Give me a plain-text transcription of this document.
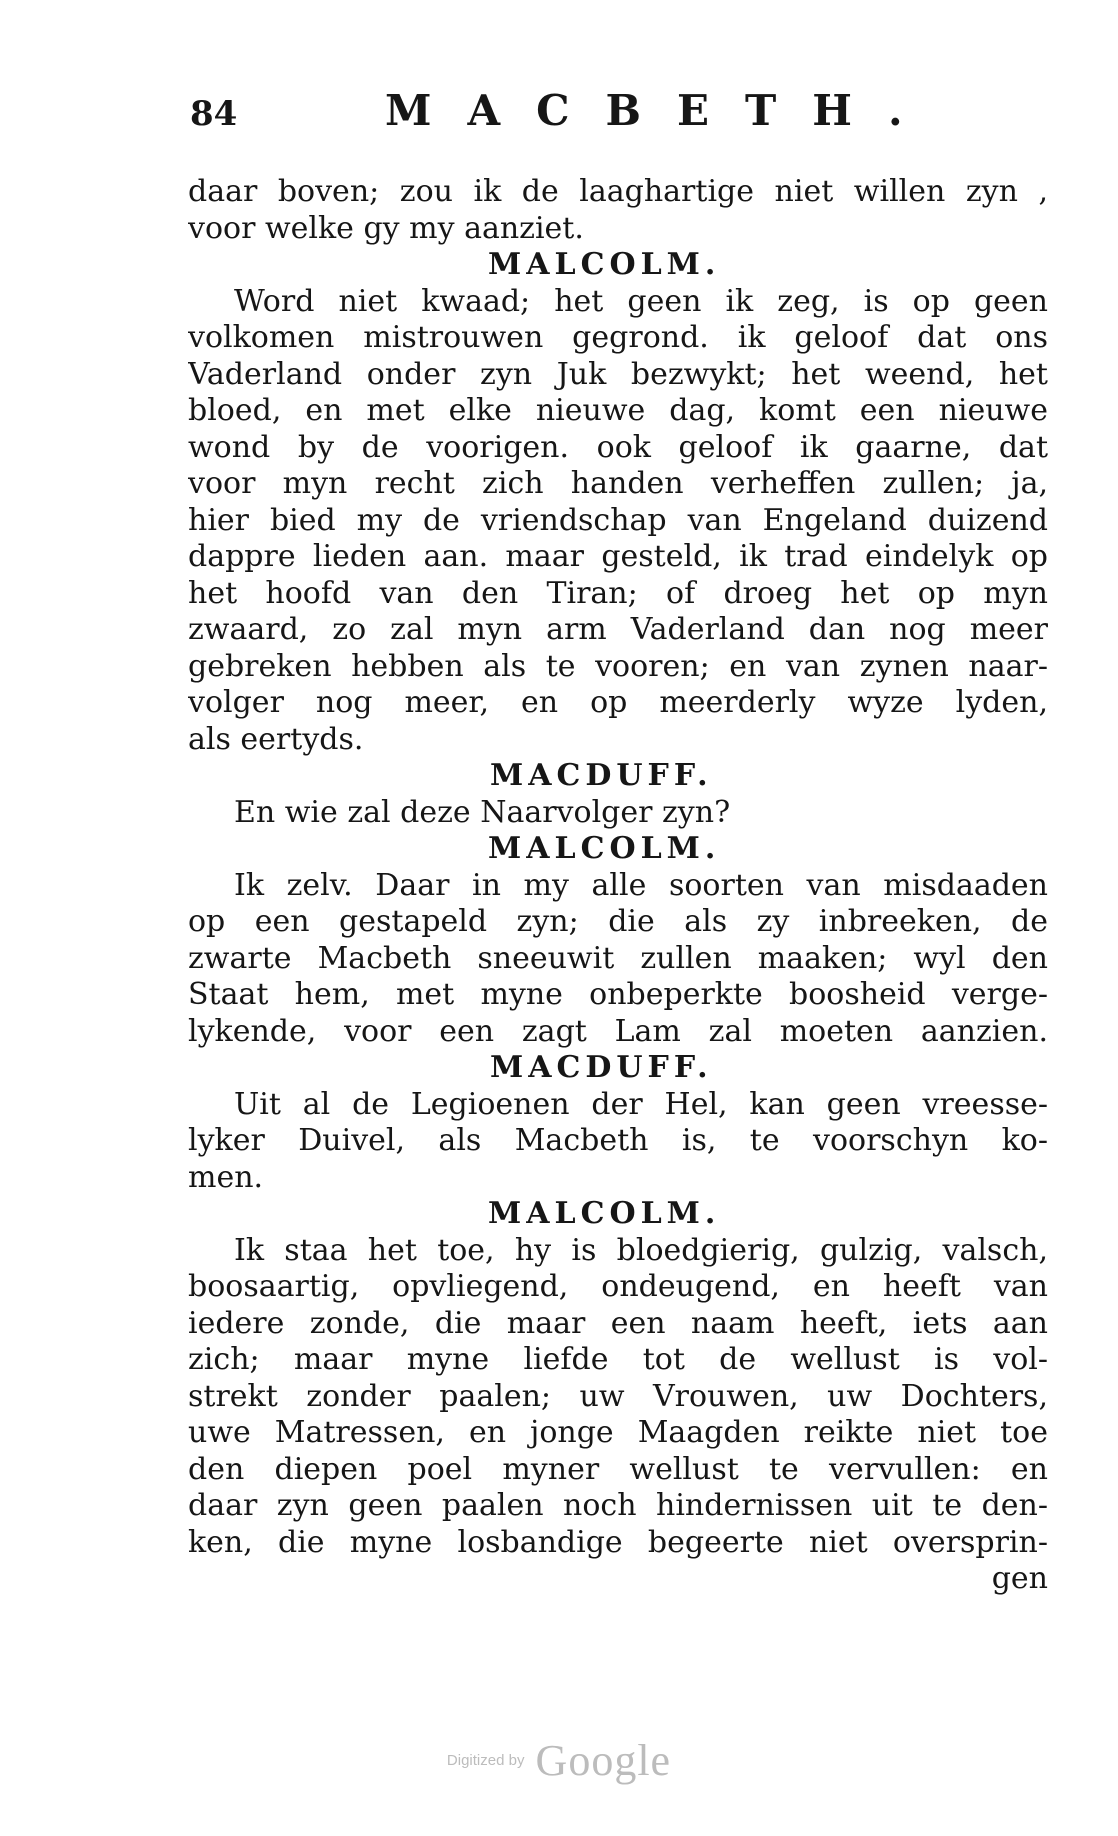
84	MACBETH.
daar boven; zou ik de laaghartige niet willen zyn ,
voor welke gy my aanziet.
MALCOLM.
Word niet kwaad; het geen ik zeg, is op geen
volkomen mistrouwen gegrond. ik geloof dat ons
Vaderland onder zyn Juk bezwykt; het weend, het
bloed, en met elke nieuwe dag, komt een nieuwe
wond by de voorigen. ook geloof ik gaarne, dat
voor myn recht zich handen verheffen zullen; ja,
hier bied my de vriendschap van Engeland duizend
dappre lieden aan. maar gesteld, ik trad eindelyk op
het hoofd van den Tiran; of droeg het op myn
zwaard, zo zal myn arm Vaderland dan nog meer
gebreken hebben als te vooren; en van zynen naar-
volger nog meer, en op meerderly wyze lyden,
als eertyds.
MACDUFF.
En wie zal deze Naarvolger zyn?
MALCOLM.
Ik zelv. Daar in my alle soorten van misdaaden
op een gestapeld zyn; die als zy inbreeken, de
zwarte Macbeth sneeuwit zullen maaken; wyl den
Staat hem, met myne onbeperkte boosheid verge-
lykende, voor een zagt Lam zal moeten aanzien.
MACDUFF.
Uit al de Legioenen der Hel, kan geen vreesse-
lyker Duivel, als Macbeth is, te voorschyn ko-
men.
MALCOLM.
Ik staa het toe, hy is bloedgierig, gulzig, valsch,
boosaartig, opvliegend, ondeugend, en heeft van
iedere zonde, die maar een naam heeft, iets aan
zich; maar myne liefde tot de wellust is vol-
strekt zonder paalen; uw Vrouwen, uw Dochters,
uwe Matressen, en jonge Maagden reikte niet toe
den diepen poel myner wellust te vervullen: en
daar zyn geen paalen noch hindernissen uit te den-
ken, die myne losbandige begeerte niet oversprin-
gen
Digitized by Google
